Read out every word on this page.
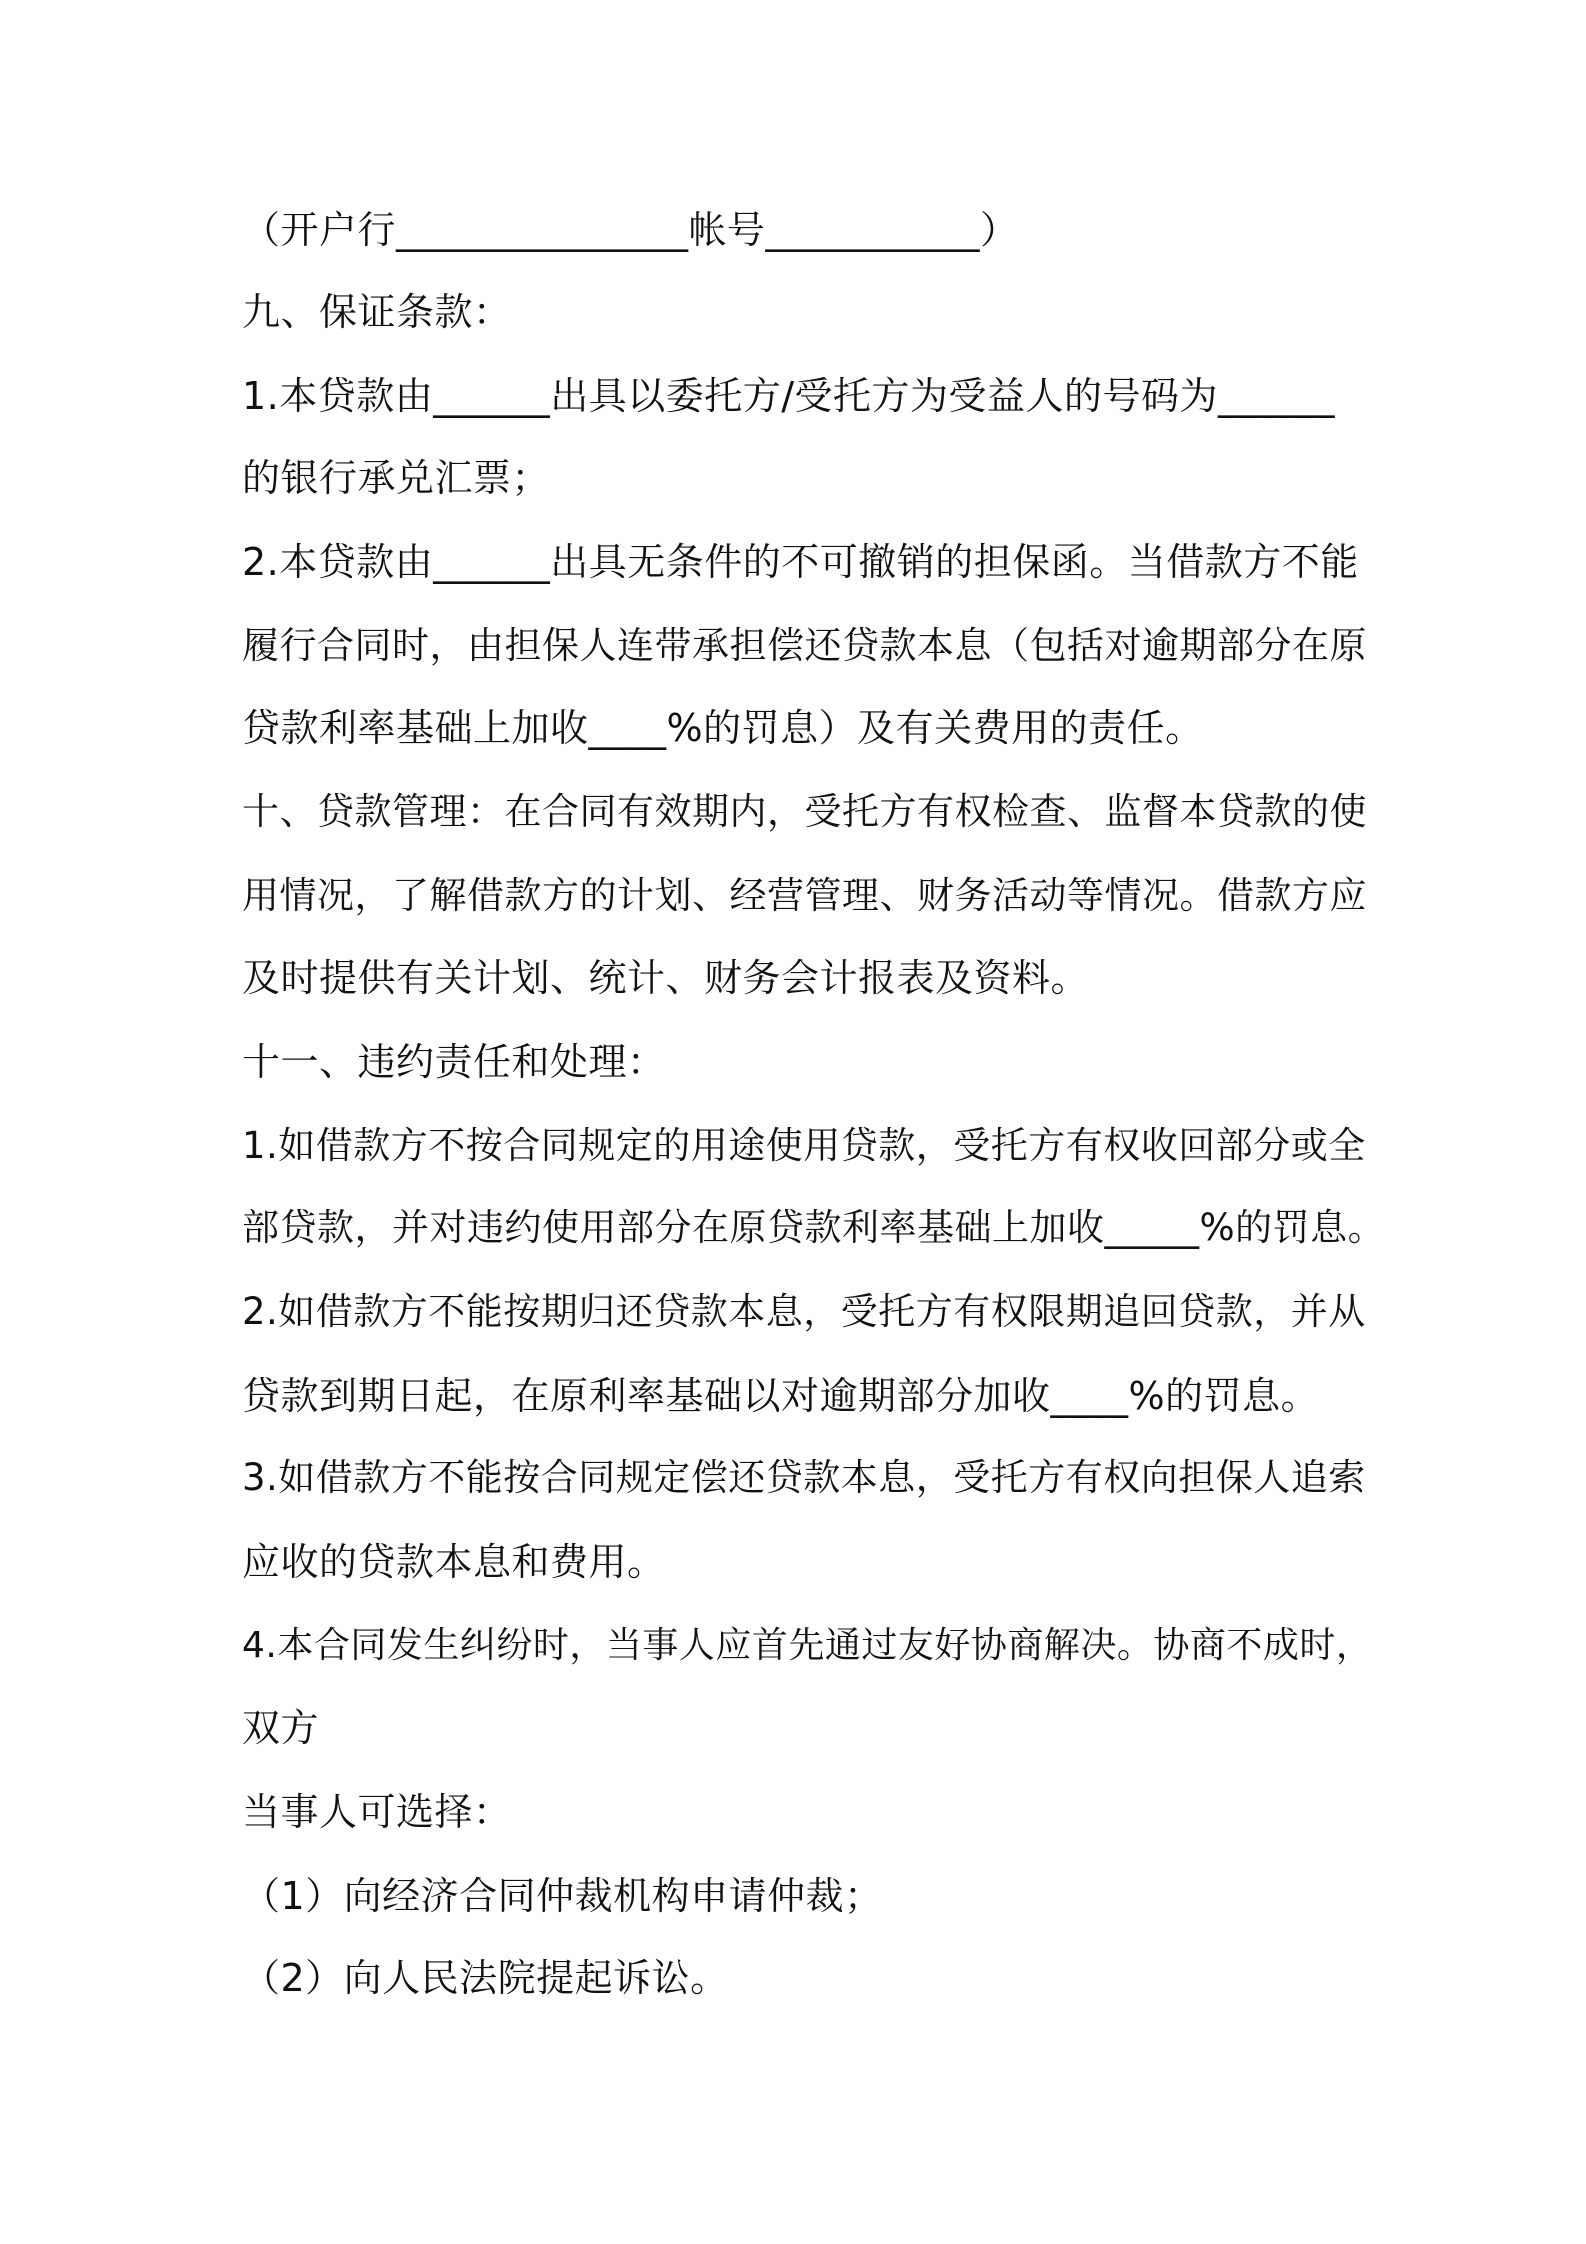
（开户行_______________帐号___________）

九、保证条款：

1.本贷款由______出具以委托方/受托方为受益人的号码为______

的银行承兑汇票；

2.本贷款由______出具无条件的不可撤销的担保函。当借款方不能

履行合同时，由担保人连带承担偿还贷款本息（包括对逾期部分在原

贷款利率基础上加收____%的罚息）及有关费用的责任。

十、贷款管理：在合同有效期内，受托方有权检查、监督本贷款的使

用情况，了解借款方的计划、经营管理、财务活动等情况。借款方应

及时提供有关计划、统计、财务会计报表及资料。

十一、违约责任和处理：

1.如借款方不按合同规定的用途使用贷款，受托方有权收回部分或全

部贷款，并对违约使用部分在原贷款利率基础上加收_____%的罚息。

2.如借款方不能按期归还贷款本息，受托方有权限期追回贷款，并从

贷款到期日起，在原利率基础以对逾期部分加收____%的罚息。

3.如借款方不能按合同规定偿还贷款本息，受托方有权向担保人追索

应收的贷款本息和费用。

4.本合同发生纠纷时，当事人应首先通过友好协商解决。协商不成时，

双方

当事人可选择：

（1）向经济合同仲裁机构申请仲裁；

（2）向人民法院提起诉讼。
